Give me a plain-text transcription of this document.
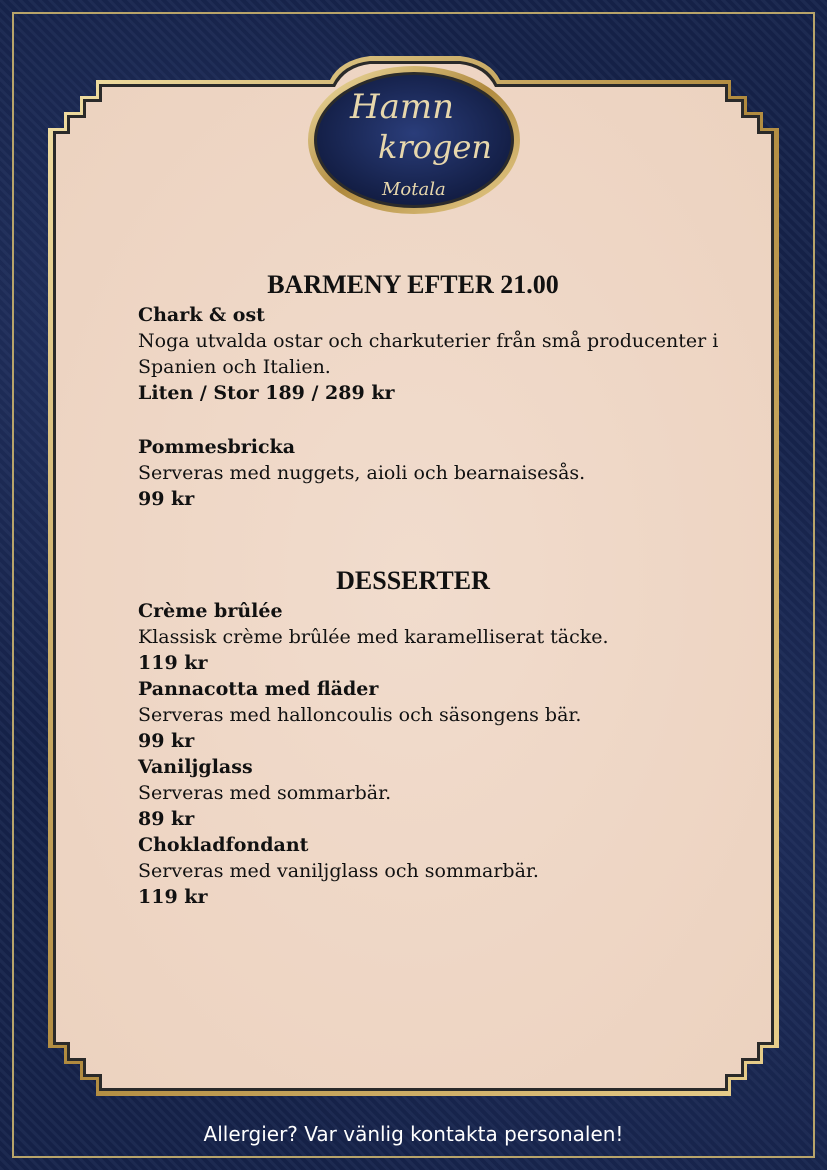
Hamn
krogen
Motala
BARMENY EFTER 21.00

Chark & ost

Noga utvalda ostar och charkuterier från små producenter i Spanien och Italien.

Liten / Stor 189 / 289 kr

Pommesbricka

Serveras med nuggets, aioli och bearnaisesås.

99 kr

DESSERTER

Crème brûlée

Klassisk crème brûlée med karamelliserat täcke.

119 kr

Pannacotta med fläder

Serveras med halloncoulis och säsongens bär.

99 kr

Vaniljglass

Serveras med sommarbär.

89 kr

Chokladfondant

Serveras med vaniljglass och sommarbär.

119 kr

Allergier? Var vänlig kontakta personalen!
